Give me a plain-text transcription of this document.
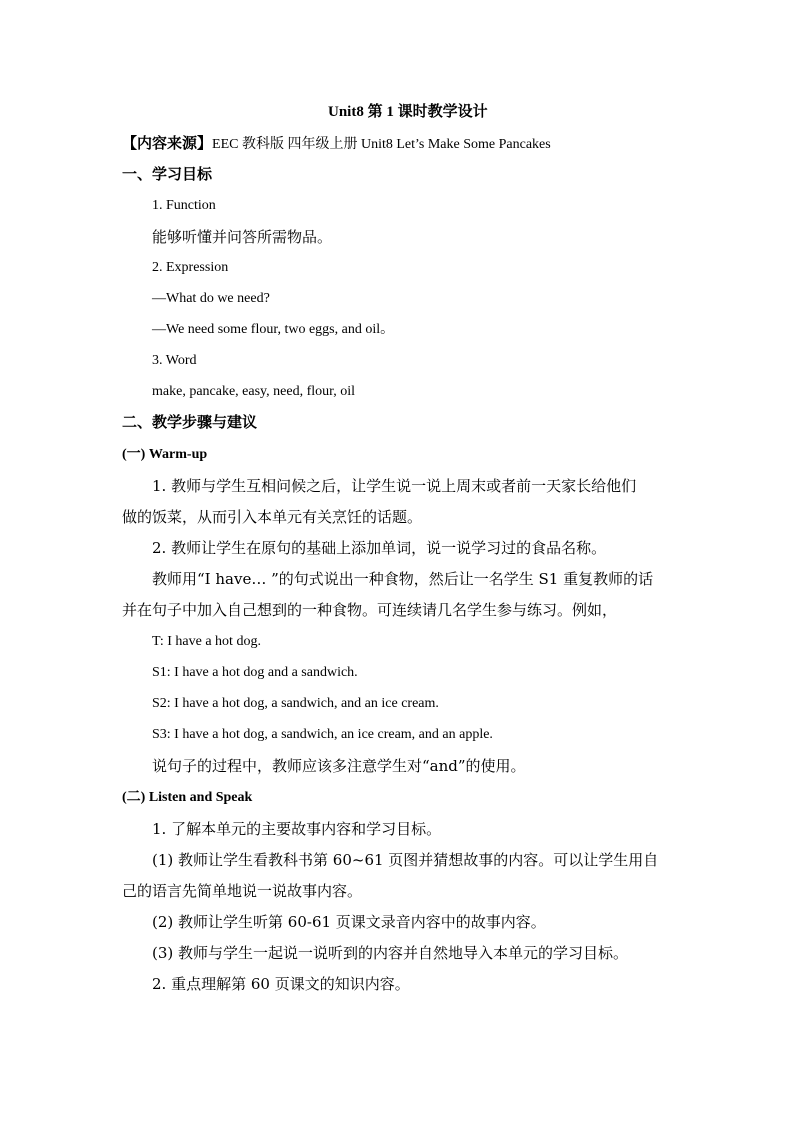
Unit8 第 1 课时教学设计
【内容来源】EEC 教科版 四年级上册 Unit8 Let’s Make Some Pancakes
一、学习目标
1. Function
能够听懂并问答所需物品。
2. Expression
—What do we need?
—We need some flour, two eggs, and oil。
3. Word
make, pancake, easy, need, flour, oil
二、教学步骤与建议
(一) Warm-up
1. 教师与学生互相问候之后，让学生说一说上周末或者前一天家长给他们
做的饭菜，从而引入本单元有关烹饪的话题。
2. 教师让学生在原句的基础上添加单词，说一说学习过的食品名称。
教师用“I have… ”的句式说出一种食物，然后让一名学生 S1 重复教师的话
并在句子中加入自己想到的一种食物。可连续请几名学生参与练习。例如，
T: I have a hot dog.
S1: I have a hot dog and a sandwich.
S2: I have a hot dog, a sandwich, and an ice cream.
S3: I have a hot dog, a sandwich, an ice cream, and an apple.
说句子的过程中，教师应该多注意学生对“and”的使用。
(二) Listen and Speak
1. 了解本单元的主要故事内容和学习目标。
(1) 教师让学生看教科书第 60~61 页图并猜想故事的内容。可以让学生用自
己的语言先简单地说一说故事内容。
(2) 教师让学生听第 60-61 页课文录音内容中的故事内容。
(3) 教师与学生一起说一说听到的内容并自然地导入本单元的学习目标。
2. 重点理解第 60 页课文的知识内容。
